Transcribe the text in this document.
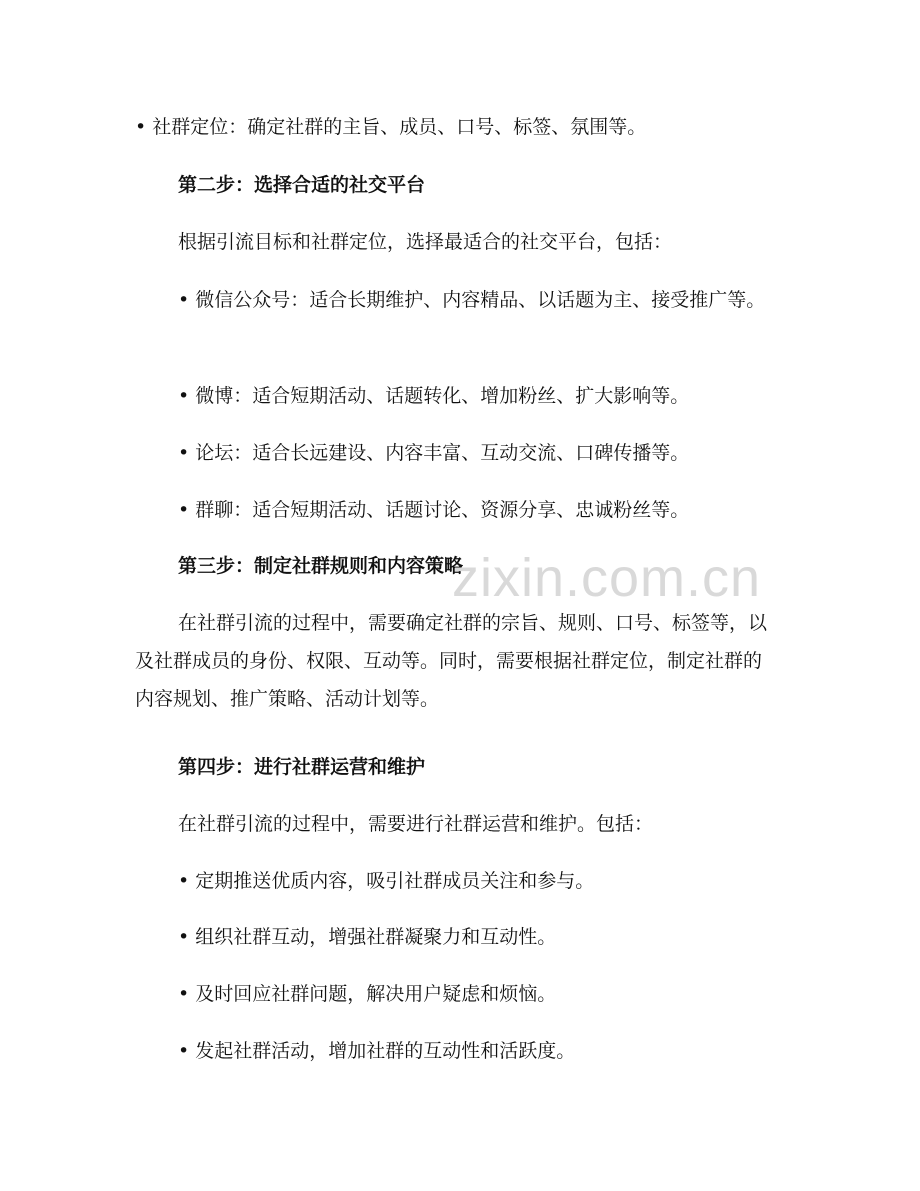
• 社群定位：确定社群的主旨、成员、口号、标签、氛围等。

第二步：选择合适的社交平台

根据引流目标和社群定位，选择最适合的社交平台，包括：

• 微信公众号：适合长期维护、内容精品、以话题为主、接受推广等。

• 微博：适合短期活动、话题转化、增加粉丝、扩大影响等。

• 论坛：适合长远建设、内容丰富、互动交流、口碑传播等。

• 群聊：适合短期活动、话题讨论、资源分享、忠诚粉丝等。

第三步：制定社群规则和内容策略

在社群引流的过程中，需要确定社群的宗旨、规则、口号、标签等，以及社群成员的身份、权限、互动等。同时，需要根据社群定位，制定社群的内容规划、推广策略、活动计划等。

第四步：进行社群运营和维护

在社群引流的过程中，需要进行社群运营和维护。包括：

• 定期推送优质内容，吸引社群成员关注和参与。

• 组织社群互动，增强社群凝聚力和互动性。

• 及时回应社群问题，解决用户疑虑和烦恼。

• 发起社群活动，增加社群的互动性和活跃度。

zixin.com.cn
